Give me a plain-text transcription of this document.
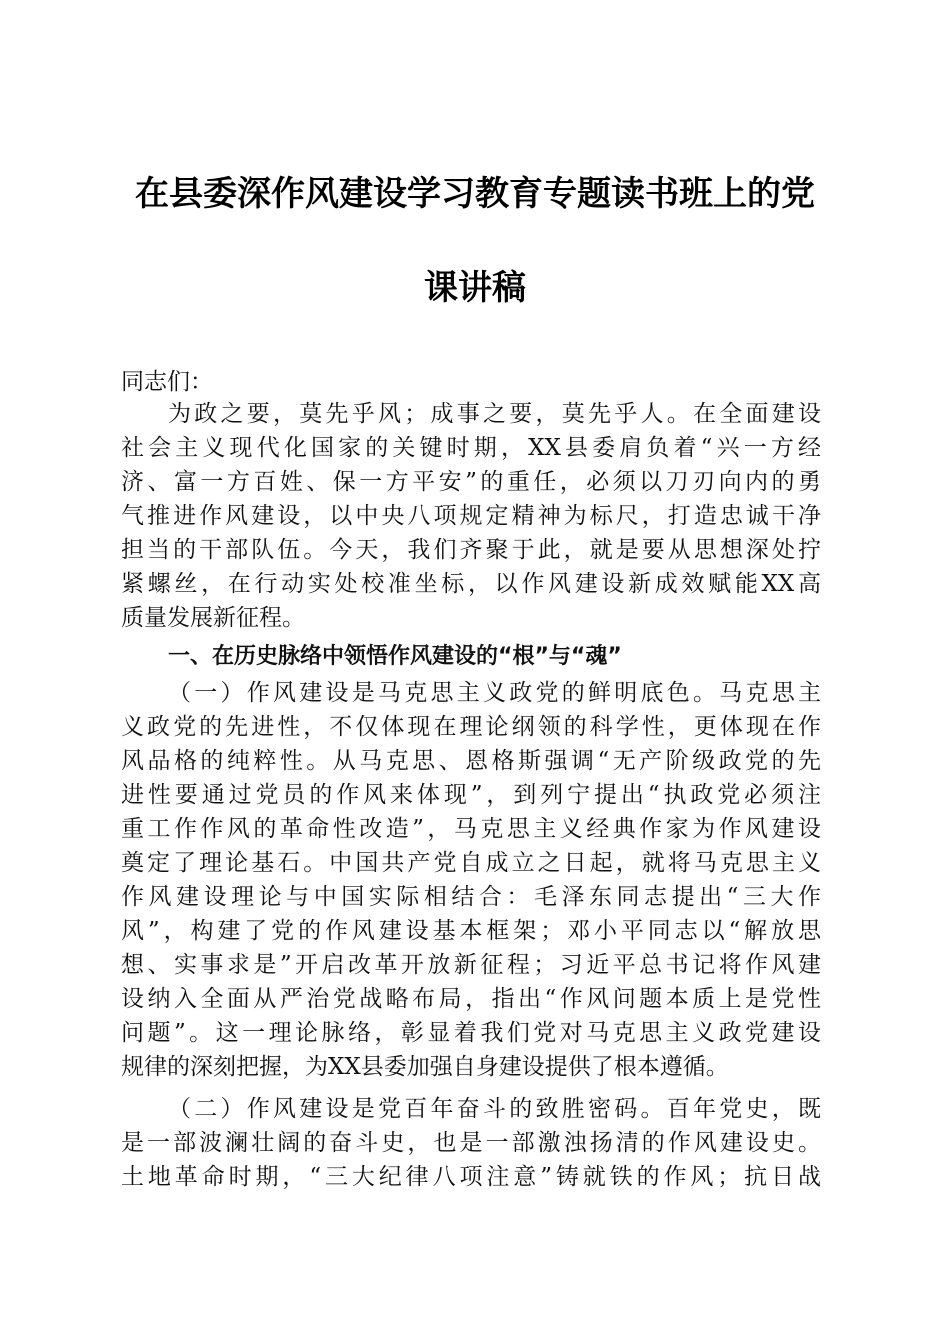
在县委深作风建设学习教育专题读书班上的党
课讲稿
同志们：
为政之要，莫先乎风；成事之要，莫先乎人。在全面建设
社会主义现代化国家的关键时期，XX县委肩负着“兴一方经
济、富一方百姓、保一方平安”的重任，必须以刀刃向内的勇
气推进作风建设，以中央八项规定精神为标尺，打造忠诚干净
担当的干部队伍。今天，我们齐聚于此，就是要从思想深处拧
紧螺丝，在行动实处校准坐标，以作风建设新成效赋能XX高
质量发展新征程。
一、在历史脉络中领悟作风建设的“根”与“魂”
（一）作风建设是马克思主义政党的鲜明底色。马克思主
义政党的先进性，不仅体现在理论纲领的科学性，更体现在作
风品格的纯粹性。从马克思、恩格斯强调“无产阶级政党的先
进性要通过党员的作风来体现”，到列宁提出“执政党必须注
重工作作风的革命性改造”，马克思主义经典作家为作风建设
奠定了理论基石。中国共产党自成立之日起，就将马克思主义
作风建设理论与中国实际相结合：毛泽东同志提出“三大作
风”，构建了党的作风建设基本框架；邓小平同志以“解放思
想、实事求是”开启改革开放新征程；习近平总书记将作风建
设纳入全面从严治党战略布局，指出“作风问题本质上是党性
问题”。这一理论脉络，彰显着我们党对马克思主义政党建设
规律的深刻把握，为XX县委加强自身建设提供了根本遵循。
（二）作风建设是党百年奋斗的致胜密码。百年党史，既
是一部波澜壮阔的奋斗史，也是一部激浊扬清的作风建设史。
土地革命时期，“三大纪律八项注意”铸就铁的作风；抗日战
